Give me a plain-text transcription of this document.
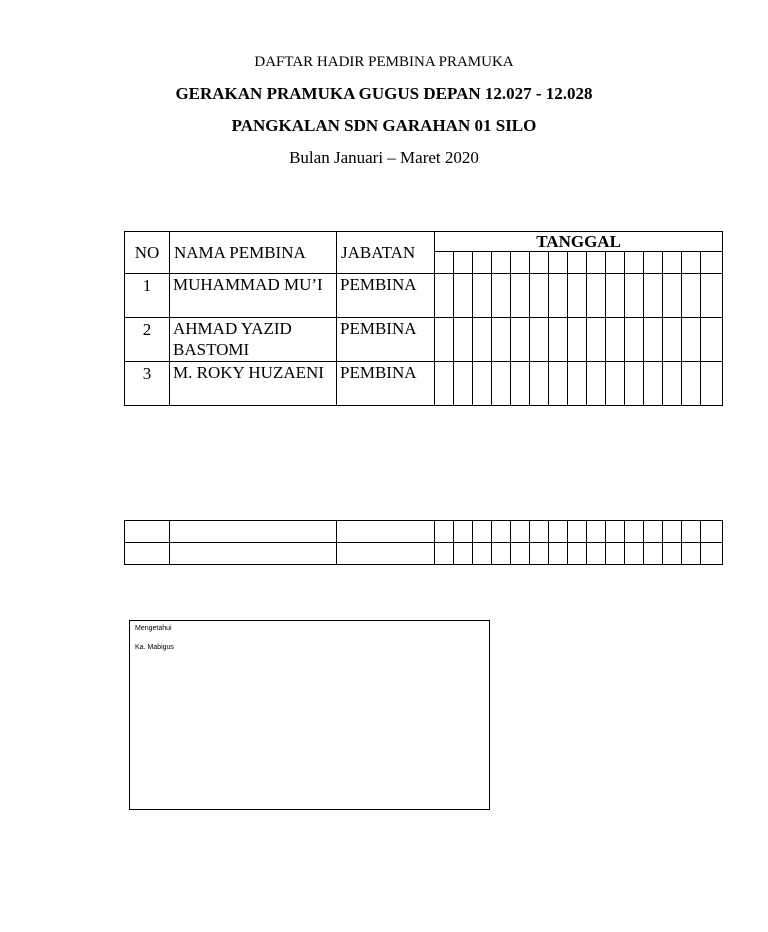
DAFTAR HADIR PEMBINA PRAMUKA
GERAKAN PRAMUKA GUGUS DEPAN 12.027 - 12.028
PANGKALAN SDN GARAHAN 01 SILO
Bulan Januari – Maret 2020
NO	NAMA PEMBINA	JABATAN	TANGGAL														

1	MUHAMMAD MU’I	PEMBINA															
2	AHMAD YAZID BASTOMI	PEMBINA															
3	M. ROKY HUZAENI	PEMBINA															

Mengetahui
Ka. Mabigus
